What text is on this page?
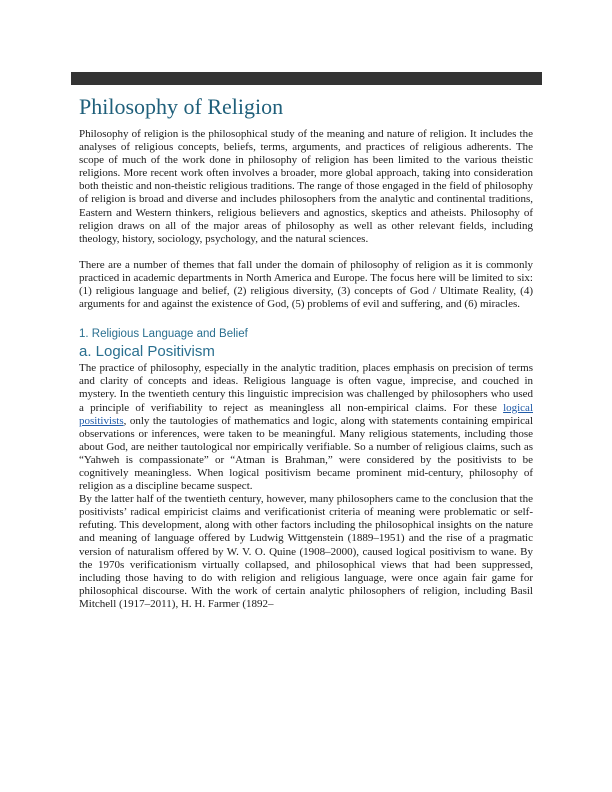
Philosophy of Religion

Philosophy of religion is the philosophical study of the meaning and nature of religion. It includes the analyses of religious concepts, beliefs, terms, arguments, and practices of religious adherents. The scope of much of the work done in philosophy of religion has been limited to the various theistic religions. More recent work often involves a broader, more global approach, taking into consideration both theistic and non-theistic religious traditions. The range of those engaged in the field of philosophy of religion is broad and diverse and includes philosophers from the analytic and continental traditions, Eastern and Western thinkers, religious believers and agnostics, skeptics and atheists. Philosophy of religion draws on all of the major areas of philosophy as well as other relevant fields, including theology, history, sociology, psychology, and the natural sciences.

There are a number of themes that fall under the domain of philosophy of religion as it is commonly practiced in academic departments in North America and Europe. The focus here will be limited to six: (1) religious language and belief, (2) religious diversity, (3) concepts of God / Ultimate Reality, (4) arguments for and against the existence of God, (5) problems of evil and suffering, and (6) miracles.

1. Religious Language and Belief
a. Logical Positivism

The practice of philosophy, especially in the analytic tradition, places emphasis on precision of terms and clarity of concepts and ideas. Religious language is often vague, imprecise, and couched in mystery. In the twentieth century this linguistic imprecision was challenged by philosophers who used a principle of verifiability to reject as meaningless all non-empirical claims. For these logical positivists, only the tautologies of mathematics and logic, along with statements containing empirical observations or inferences, were taken to be meaningful. Many religious statements, including those about God, are neither tautological nor empirically verifiable. So a number of religious claims, such as “Yahweh is compassionate” or “Atman is Brahman,” were considered by the positivists to be cognitively meaningless. When logical positivism became prominent mid-century, philosophy of religion as a discipline became suspect.

By the latter half of the twentieth century, however, many philosophers came to the conclusion that the positivists’ radical empiricist claims and verificationist criteria of meaning were problematic or self-refuting. This development, along with other factors including the philosophical insights on the nature and meaning of language offered by Ludwig Wittgenstein (1889–1951) and the rise of a pragmatic version of naturalism offered by W. V. O. Quine (1908–2000), caused logical positivism to wane. By the 1970s verificationism virtually collapsed, and philosophical views that had been suppressed, including those having to do with religion and religious language, were once again fair game for philosophical discourse. With the work of certain analytic philosophers of religion, including Basil Mitchell (1917–2011), H. H. Farmer (1892–
